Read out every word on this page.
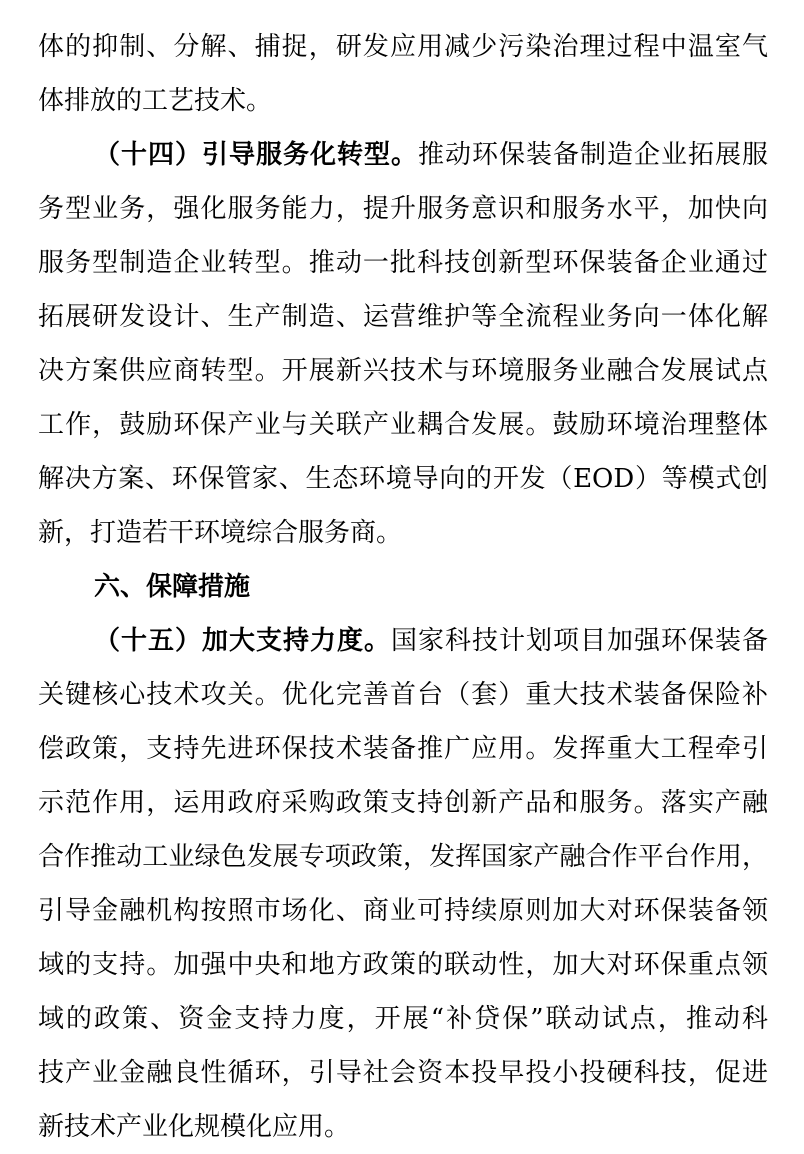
体的抑制、分解、捕捉，研发应用减少污染治理过程中温室气
体排放的工艺技术。
（十四）引导服务化转型。推动环保装备制造企业拓展服
务型业务，强化服务能力，提升服务意识和服务水平，加快向
服务型制造企业转型。推动一批科技创新型环保装备企业通过
拓展研发设计、生产制造、运营维护等全流程业务向一体化解
决方案供应商转型。开展新兴技术与环境服务业融合发展试点
工作，鼓励环保产业与关联产业耦合发展。鼓励环境治理整体
解决方案、环保管家、生态环境导向的开发（EOD）等模式创
新，打造若干环境综合服务商。
六、保障措施
（十五）加大支持力度。国家科技计划项目加强环保装备
关键核心技术攻关。优化完善首台（套）重大技术装备保险补
偿政策，支持先进环保技术装备推广应用。发挥重大工程牵引
示范作用，运用政府采购政策支持创新产品和服务。落实产融
合作推动工业绿色发展专项政策，发挥国家产融合作平台作用，
引导金融机构按照市场化、商业可持续原则加大对环保装备领
域的支持。加强中央和地方政策的联动性，加大对环保重点领
域的政策、资金支持力度，开展“补贷保”联动试点，推动科
技产业金融良性循环，引导社会资本投早投小投硬科技，促进
新技术产业化规模化应用。
